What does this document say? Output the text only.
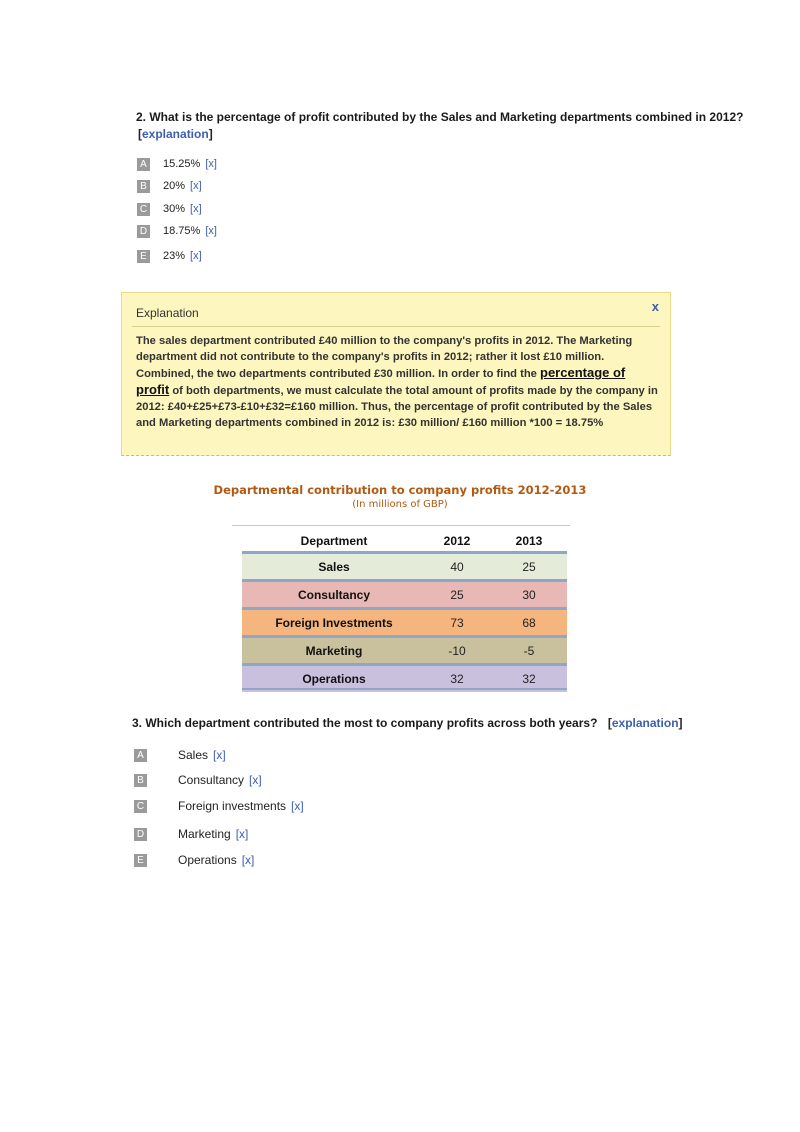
2. What is the percentage of profit contributed by the Sales and Marketing departments combined in 2012?
[explanation]
A 15.25% [x]
B 20% [x]
C 30% [x]
D 18.75% [x]
E 23% [x]
Explanation	x
The sales department contributed £40 million to the company's profits in 2012. The Marketing department did not contribute to the company's profits in 2012; rather it lost £10 million. Combined, the two departments contributed £30 million. In order to find the percentage of profit of both departments, we must calculate the total amount of profits made by the company in 2012: £40+£25+£73-£10+£32=£160 million. Thus, the percentage of profit contributed by the Sales and Marketing departments combined in 2012 is: £30 million/ £160 million *100 = 18.75%
Departmental contribution to company profits 2012-2013
(In millions of GBP)
Department	2012	2013
Sales	40	25
Consultancy	25	30
Foreign Investments	73	68
Marketing	-10	-5
Operations	32	32
3. Which department contributed the most to company profits across both years? [explanation]
A	Sales [x]
B	Consultancy [x]
C	Foreign investments [x]
D	Marketing [x]
E	Operations [x]
